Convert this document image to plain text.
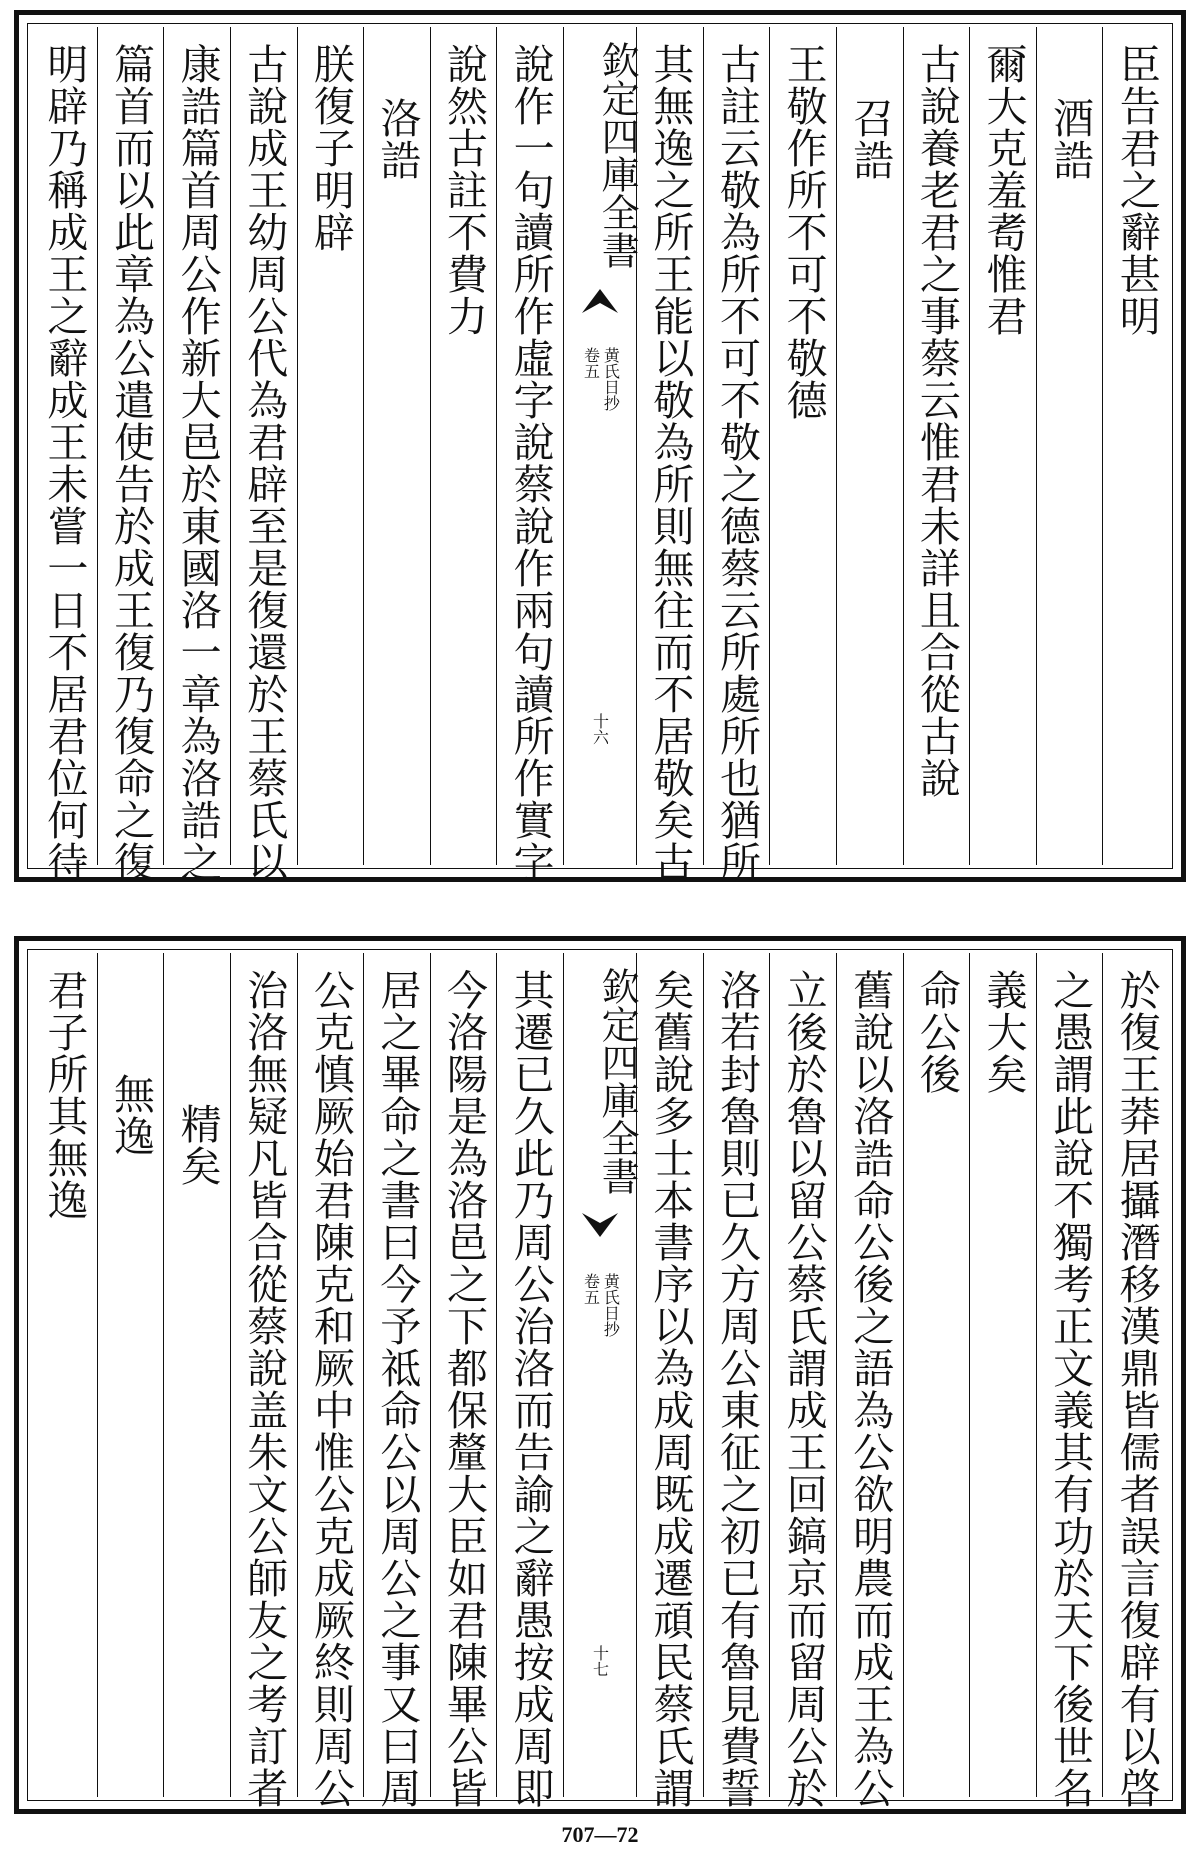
臣告君之辭甚明
酒誥
爾大克羞耉惟君
古說養老君之事蔡云惟君未詳且合從古說
召誥
王敬作所不可不敬德
古註云敬為所不可不敬之德蔡云所處所也猶所
其無逸之所王能以敬為所則無往而不居敬矣古
欽定四庫全書
黄氏日抄
卷五
十六
說作一句讀所作虛字說蔡說作兩句讀所作實字
說然古註不費力
洛誥
朕復子明辟
古說成王幼周公代為君辟至是復還於王蔡氏以
康誥篇首周公作新大邑於東國洛一章為洛誥之
篇首而以此章為公遣使告於成王復乃復命之復
明辟乃稱成王之辭成王未嘗一日不居君位何待
於復王莽居攝潛移漢鼎皆儒者誤言復辟有以啓
之愚謂此說不獨考正文義其有功於天下後世名
義大矣
命公後
舊說以洛誥命公後之語為公欲明農而成王為公
立後於魯以留公蔡氏謂成王回鎬京而留周公於
洛若封魯則已久方周公東征之初已有魯見費誓
矣舊說多士本書序以為成周既成遷頑民蔡氏謂
欽定四庫全書
黄氏日抄
卷五
十七
其遷已久此乃周公治洛而告諭之辭愚按成周即
今洛陽是為洛邑之下都保釐大臣如君陳畢公皆
居之畢命之書曰今予祗命公以周公之事又曰周
公克慎厥始君陳克和厥中惟公克成厥終則周公
治洛無疑凡皆合從蔡說盖朱文公師友之考訂者
精矣
無逸
君子所其無逸
707—72
